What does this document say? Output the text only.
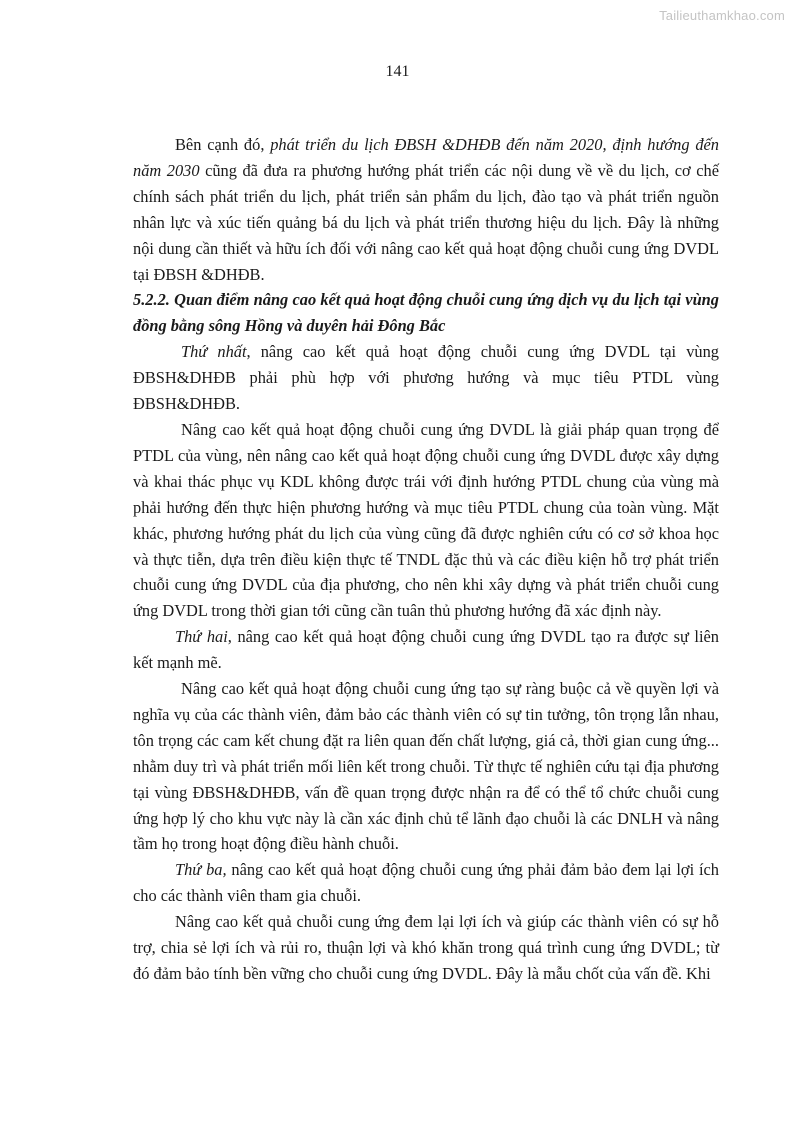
Tailieuthamkhao.com
141

Bên cạnh đó, phát triển du lịch ĐBSH &DHĐB đến năm 2020, định hướng đến năm 2030 cũng đã đưa ra phương hướng phát triển các nội dung về về du lịch, cơ chế chính sách phát triển du lịch, phát triển sản phẩm du lịch, đào tạo và phát triển nguồn nhân lực và xúc tiến quảng bá du lịch và phát triển thương hiệu du lịch. Đây là những nội dung cần thiết và hữu ích đối với nâng cao kết quả hoạt động chuỗi cung ứng DVDL tại ĐBSH &DHĐB.

5.2.2. Quan điểm nâng cao kết quả hoạt động chuỗi cung ứng dịch vụ du lịch tại vùng đồng bằng sông Hồng và duyên hải Đông Bắc

Thứ nhất, nâng cao kết quả hoạt động chuỗi cung ứng DVDL tại vùng ĐBSH&DHĐB phải phù hợp với phương hướng và mục tiêu PTDL vùng ĐBSH&DHĐB.

Nâng cao kết quả hoạt động chuỗi cung ứng DVDL là giải pháp quan trọng để PTDL của vùng, nên nâng cao kết quả hoạt động chuỗi cung ứng DVDL được xây dựng và khai thác phục vụ KDL không được trái với định hướng PTDL chung của vùng mà phải hướng đến thực hiện phương hướng và mục tiêu PTDL chung của toàn vùng. Mặt khác, phương hướng phát du lịch của vùng cũng đã được nghiên cứu có cơ sở khoa học và thực tiễn, dựa trên điều kiện thực tế TNDL đặc thủ và các điều kiện hỗ trợ phát triển chuỗi cung ứng DVDL của địa phương, cho nên khi xây dựng và phát triển chuỗi cung ứng DVDL trong thời gian tới cũng cần tuân thủ phương hướng đã xác định này.

Thứ hai, nâng cao kết quả hoạt động chuỗi cung ứng DVDL tạo ra được sự liên kết mạnh mẽ.

Nâng cao kết quả hoạt động chuỗi cung ứng tạo sự ràng buộc cả về quyền lợi và nghĩa vụ của các thành viên, đảm bảo các thành viên có sự tin tưởng, tôn trọng lẫn nhau, tôn trọng các cam kết chung đặt ra liên quan đến chất lượng, giá cả, thời gian cung ứng... nhằm duy trì và phát triển mối liên kết trong chuỗi. Từ thực tế nghiên cứu tại địa phương tại vùng ĐBSH&DHĐB, vấn đề quan trọng được nhận ra để có thể tổ chức chuỗi cung ứng hợp lý cho khu vực này là cần xác định chủ tể lãnh đạo chuỗi là các DNLH và nâng tầm họ trong hoạt động điều hành chuỗi.

Thứ ba, nâng cao kết quả hoạt động chuỗi cung ứng phải đảm bảo đem lại lợi ích cho các thành viên tham gia chuỗi.

Nâng cao kết quả chuỗi cung ứng đem lại lợi ích và giúp các thành viên có sự hỗ trợ, chia sẻ lợi ích và rủi ro, thuận lợi và khó khăn trong quá trình cung ứng DVDL; từ đó đảm bảo tính bền vững cho chuỗi cung ứng DVDL. Đây là mẫu chốt của vấn đề. Khi
